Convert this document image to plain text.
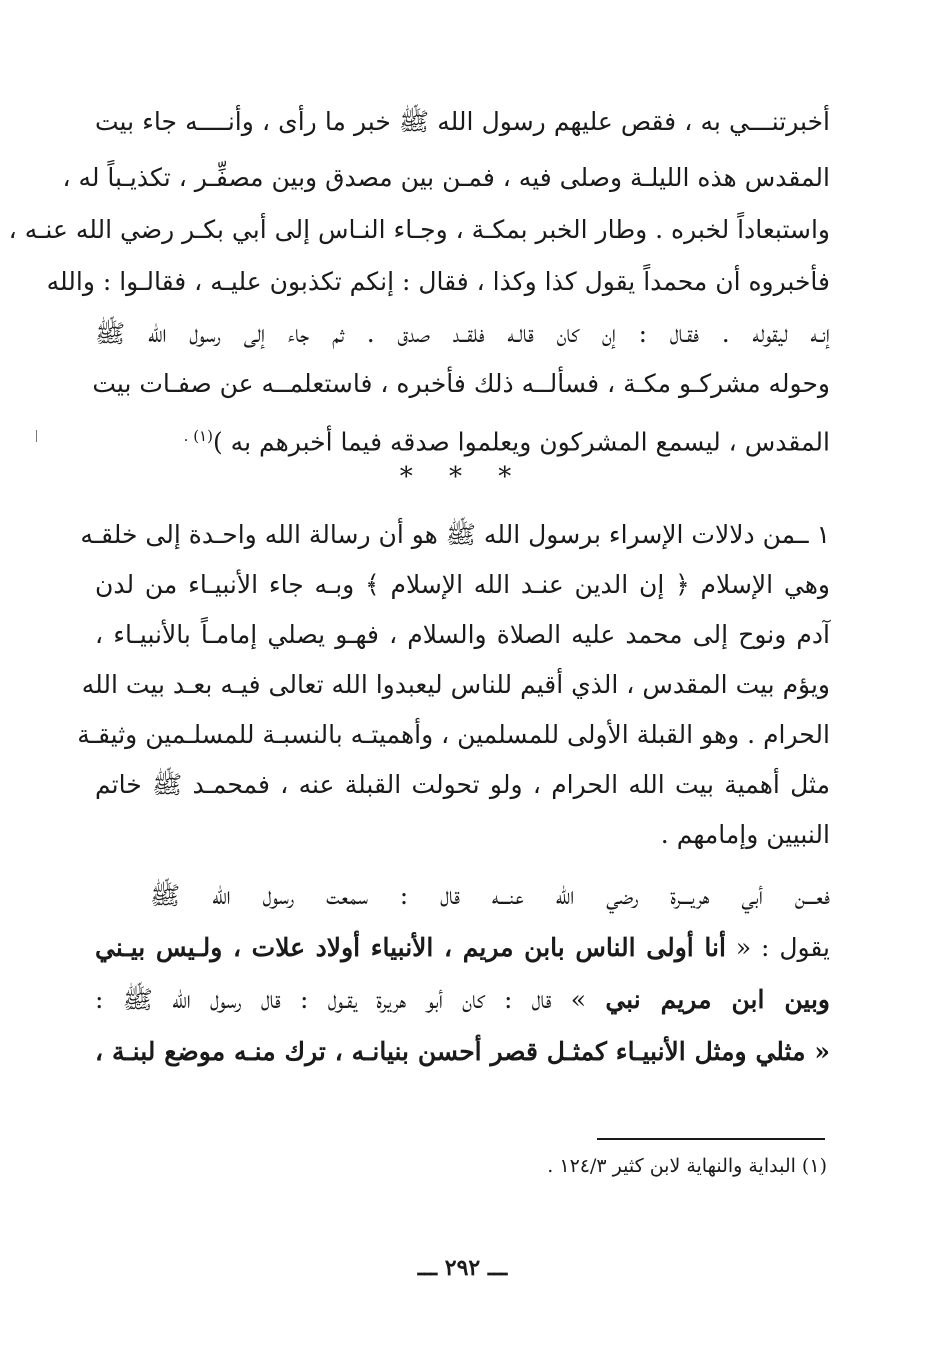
أخبرتنـــي به ، فقص عليهم رسول الله ﷺ خبر ما رأى ، وأنــــه جاء بيت
المقدس هذه الليلـة وصلى فيه ، فمـن بين مصدق وبين مصفِّـر ، تكذيـباً له ،
واستبعاداً لخبره . وطار الخبر بمكـة ، وجـاء النـاس إلى أبي بكـر رضي الله عنـه ،
فأخبروه أن محمداً يقول كذا وكذا ، فقال : إنكم تكذبون عليـه ، فقالـوا : والله
إنـه ليقوله . فقـال : إن كان قالـه فلقــد صدق . ثم جاء إلى رسول الله ﷺ
وحوله مشركـو مكـة ، فسألــه ذلك فأخبره ، فاستعلمــه عن صفـات بيت
المقدس ، ليسمع المشركون ويعلموا صدقه فيما أخبرهم به )$^{(١) .}$
* * *
١ ـــ
من دلالات الإسراء برسول الله ﷺ هو أن رسالة الله واحـدة إلى خلقـه
وهي الإسلام ﴿ إن الدين عنـد الله الإسلام ﴾ وبـه جاء الأنبيـاء من لدن
آدم ونوح إلى محمد عليه الصلاة والسلام ، فهـو يصلي إمامـاً بالأنبيـاء ،
ويؤم بيت المقدس ، الذي أقيم للناس ليعبدوا الله تعالى فيـه بعـد بيت الله
الحرام . وهو القبلة الأولى للمسلمين ، وأهميتـه بالنسبـة للمسلـمين وثيقـة
مثل أهمية بيت الله الحرام ، ولو تحولت القبلة عنه ، فمحمـد ﷺ خاتم
النبيين وإمامهم .
فعـــن أبي هريـــرة رضي الله عنـــه قال : سمعت رسول الله ﷺ
يقول : « أنا أولى الناس بابن مريم ، الأنبياء أولاد علات ، ولـيس بيـني
وبين ابن مريم نبي » قال : كان أبو هريرة يقـول : قال رسول الله ﷺ :
« مثلي ومثل الأنبيـاء كمثـل قصر أحسن بنيانـه ، ترك منـه موضع لبنـة ،
(١) البداية والنهاية لابن كثير ١٢٤/٣ .
ـــ ٢٩٢ ـــ
